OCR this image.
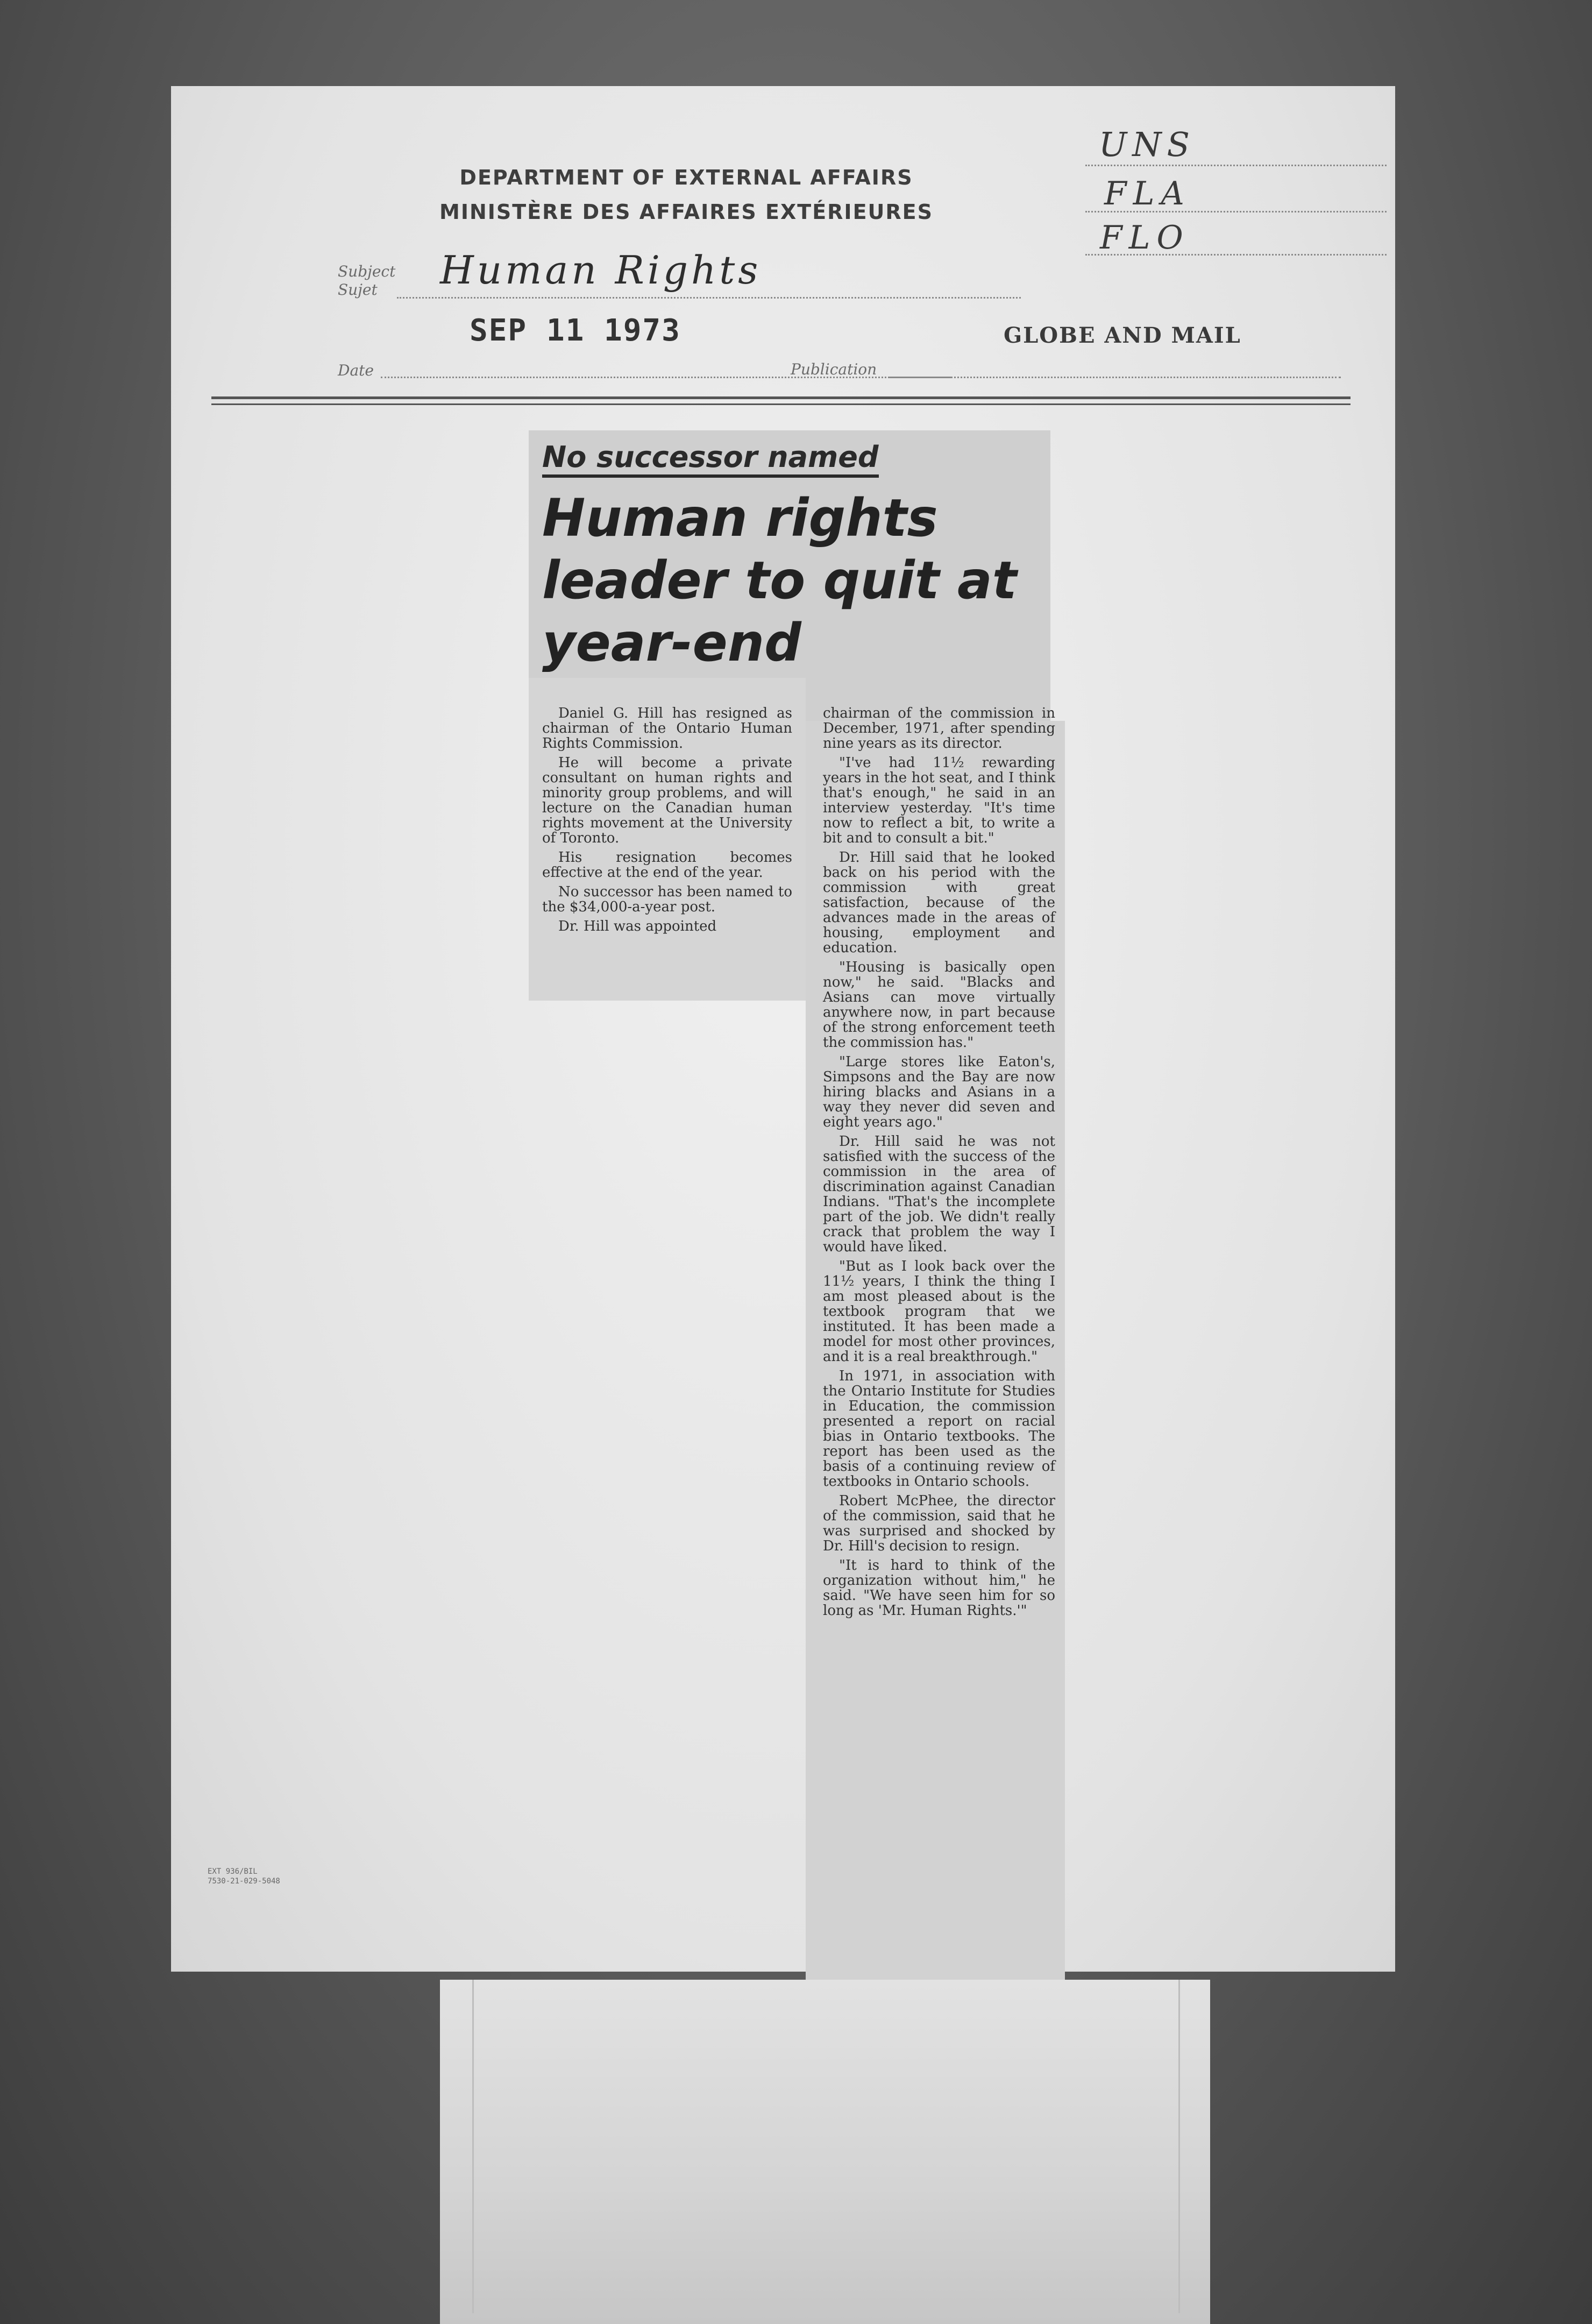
DEPARTMENT OF EXTERNAL AFFAIRS
MINISTÈRE DES AFFAIRES EXTÉRIEURES
UNS
FLA
FLO
Subject
Sujet Human Rights
SEP 11 1973	GLOBE AND MAIL
Date	Publication
No successor named
Human rights leader to quit at year-end

Daniel G. Hill has resigned as chairman of the Ontario Human Rights Commission.

He will become a private consultant on human rights and minority group problems, and will lecture on the Canadian human rights movement at the University of Toronto.

His resignation becomes effective at the end of the year.

No successor has been named to the $34,000-a-year post.

Dr. Hill was appointed

chairman of the commission in December, 1971, after spending nine years as its director.

"I've had 11½ rewarding years in the hot seat, and I think that's enough," he said in an interview yesterday. "It's time now to reflect a bit, to write a bit and to consult a bit."

Dr. Hill said that he looked back on his period with the commission with great satisfaction, because of the advances made in the areas of housing, employment and education.

"Housing is basically open now," he said. "Blacks and Asians can move virtually anywhere now, in part because of the strong enforcement teeth the commission has."

"Large stores like Eaton's, Simpsons and the Bay are now hiring blacks and Asians in a way they never did seven and eight years ago."

Dr. Hill said he was not satisfied with the success of the commission in the area of discrimination against Canadian Indians. "That's the incomplete part of the job. We didn't really crack that problem the way I would have liked.

"But as I look back over the 11½ years, I think the thing I am most pleased about is the textbook program that we instituted. It has been made a model for most other provinces, and it is a real breakthrough."

In 1971, in association with the Ontario Institute for Studies in Education, the commission presented a report on racial bias in Ontario textbooks. The report has been used as the basis of a continuing review of textbooks in Ontario schools.

Robert McPhee, the director of the commission, said that he was surprised and shocked by Dr. Hill's decision to resign.

"It is hard to think of the organization without him," he said. "We have seen him for so long as 'Mr. Human Rights.'"

EXT 936/BIL
7530-21-029-5048
